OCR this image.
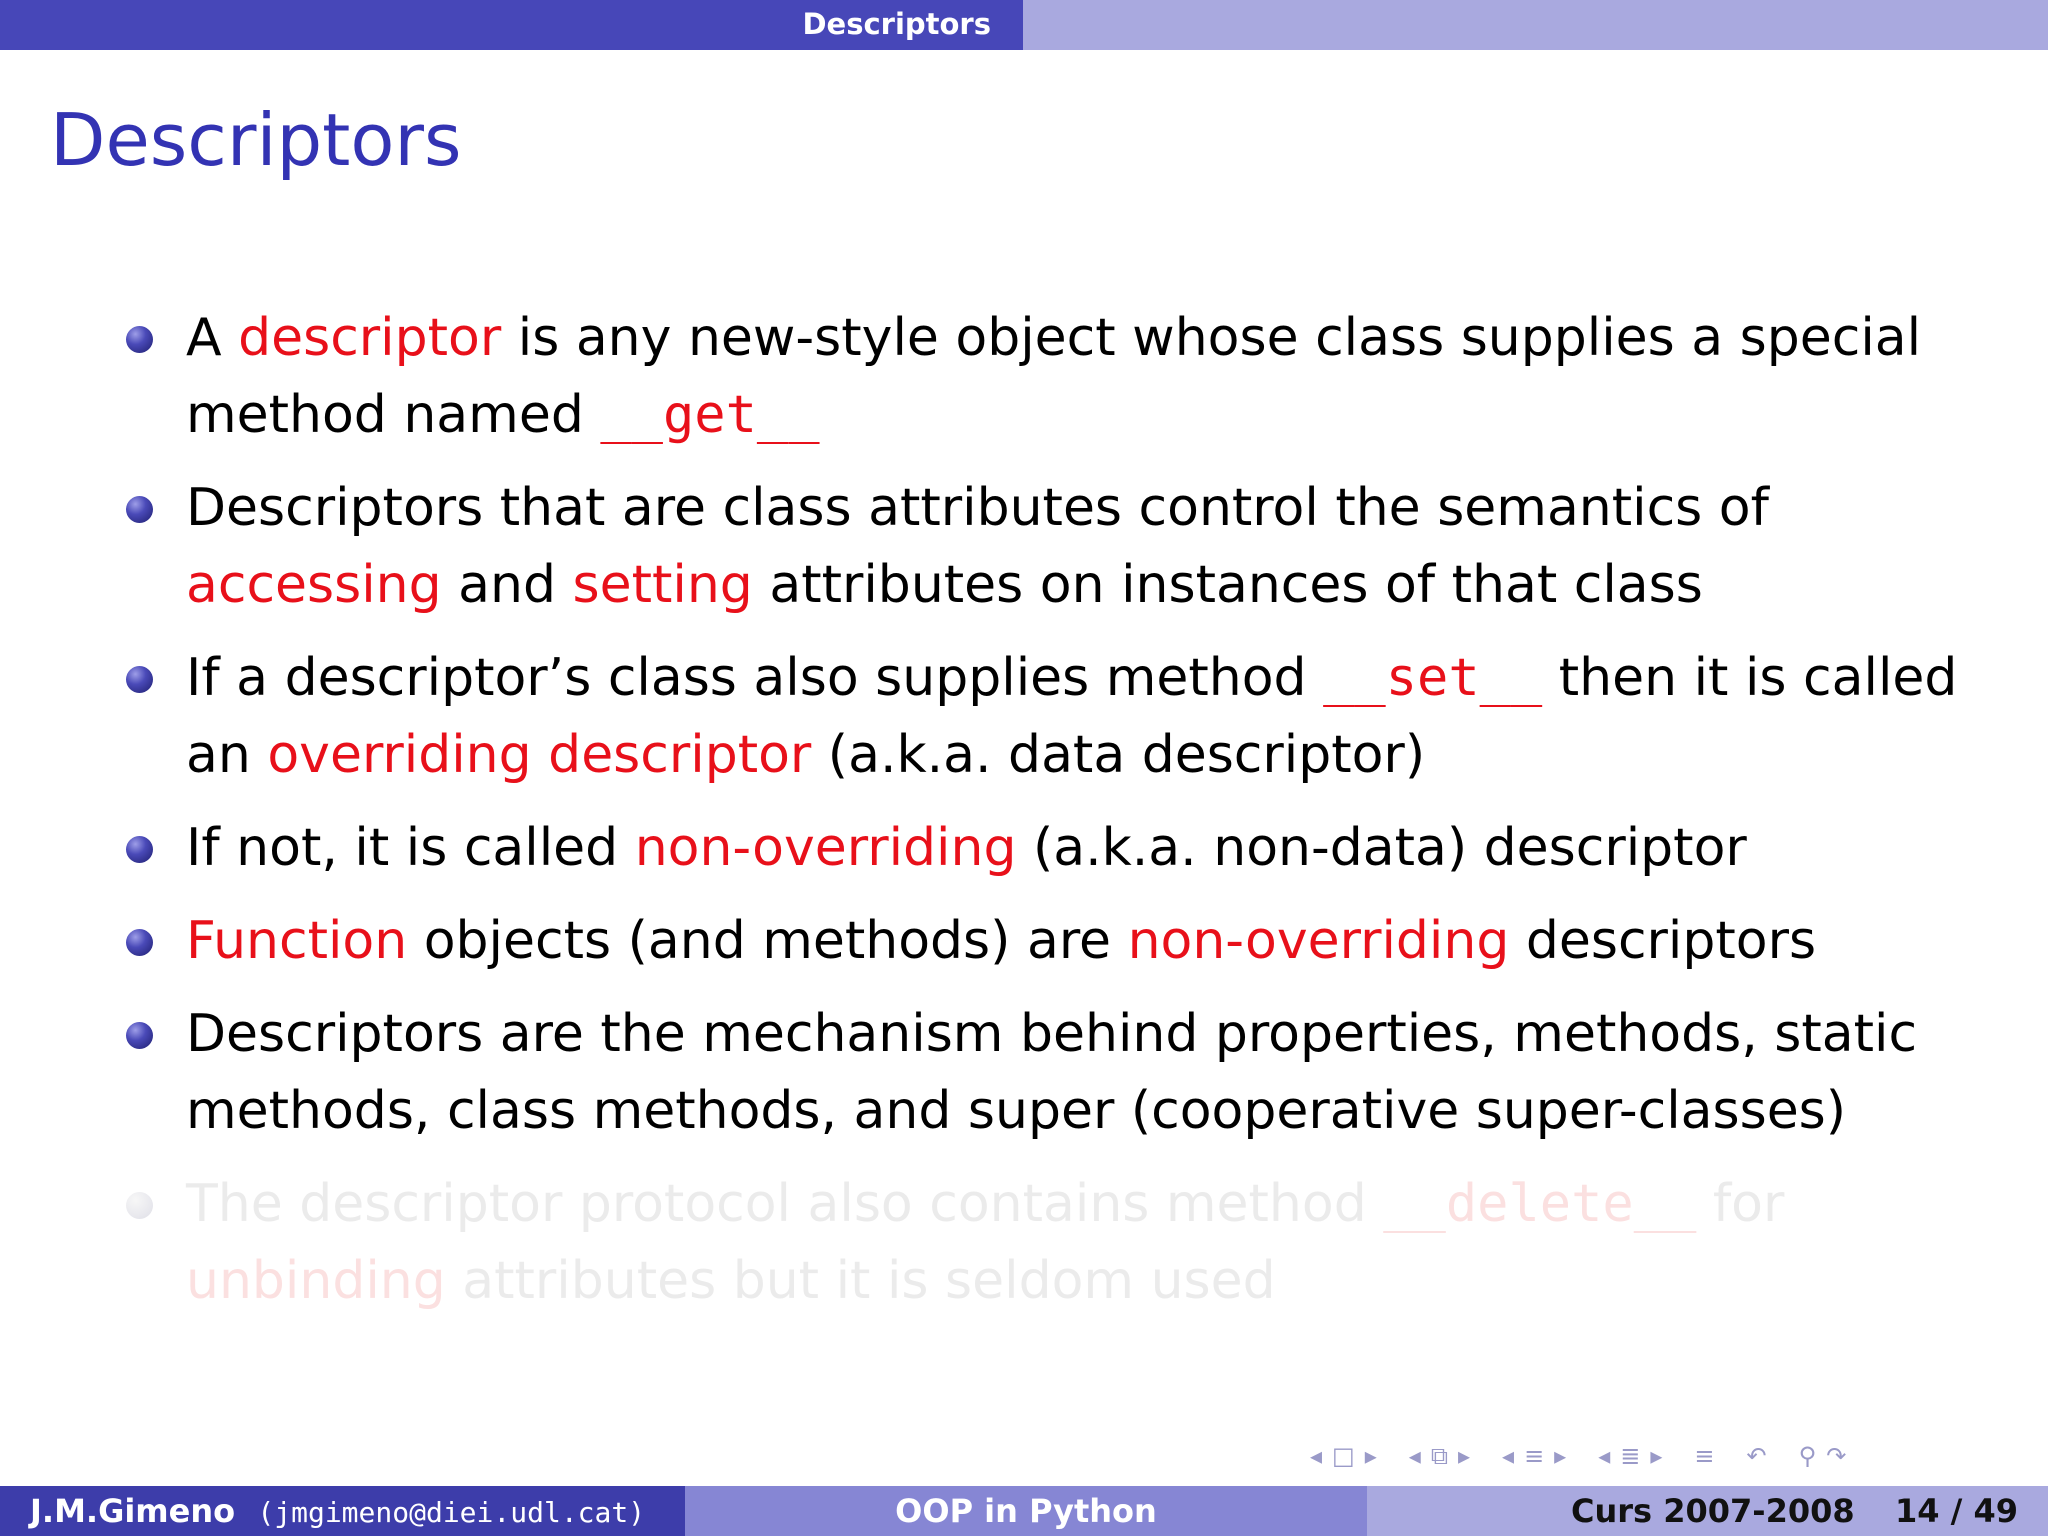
Descriptors
Descriptors
A descriptor is any new-style object whose class supplies a special method named __get__
Descriptors that are class attributes control the semantics of accessing and setting attributes on instances of that class
If a descriptor’s class also supplies method __set__ then it is called an overriding descriptor (a.k.a. data descriptor)
If not, it is called non-overriding (a.k.a. non-data) descriptor
Function objects (and methods) are non-overriding descriptors
Descriptors are the mechanism behind properties, methods, static methods, class methods, and super (cooperative super-classes)
The descriptor protocol also contains method __delete__ for unbinding attributes but it is seldom used
◂ □ ▸ ◂ ⧉ ▸ ◂ ≡ ▸ ◂ ≣ ▸ ≡ ↶ ⚲ ↷
J.M.Gimeno (jmgimeno@diei.udl.cat)	OOP in Python	Curs 2007-2008 14 / 49
